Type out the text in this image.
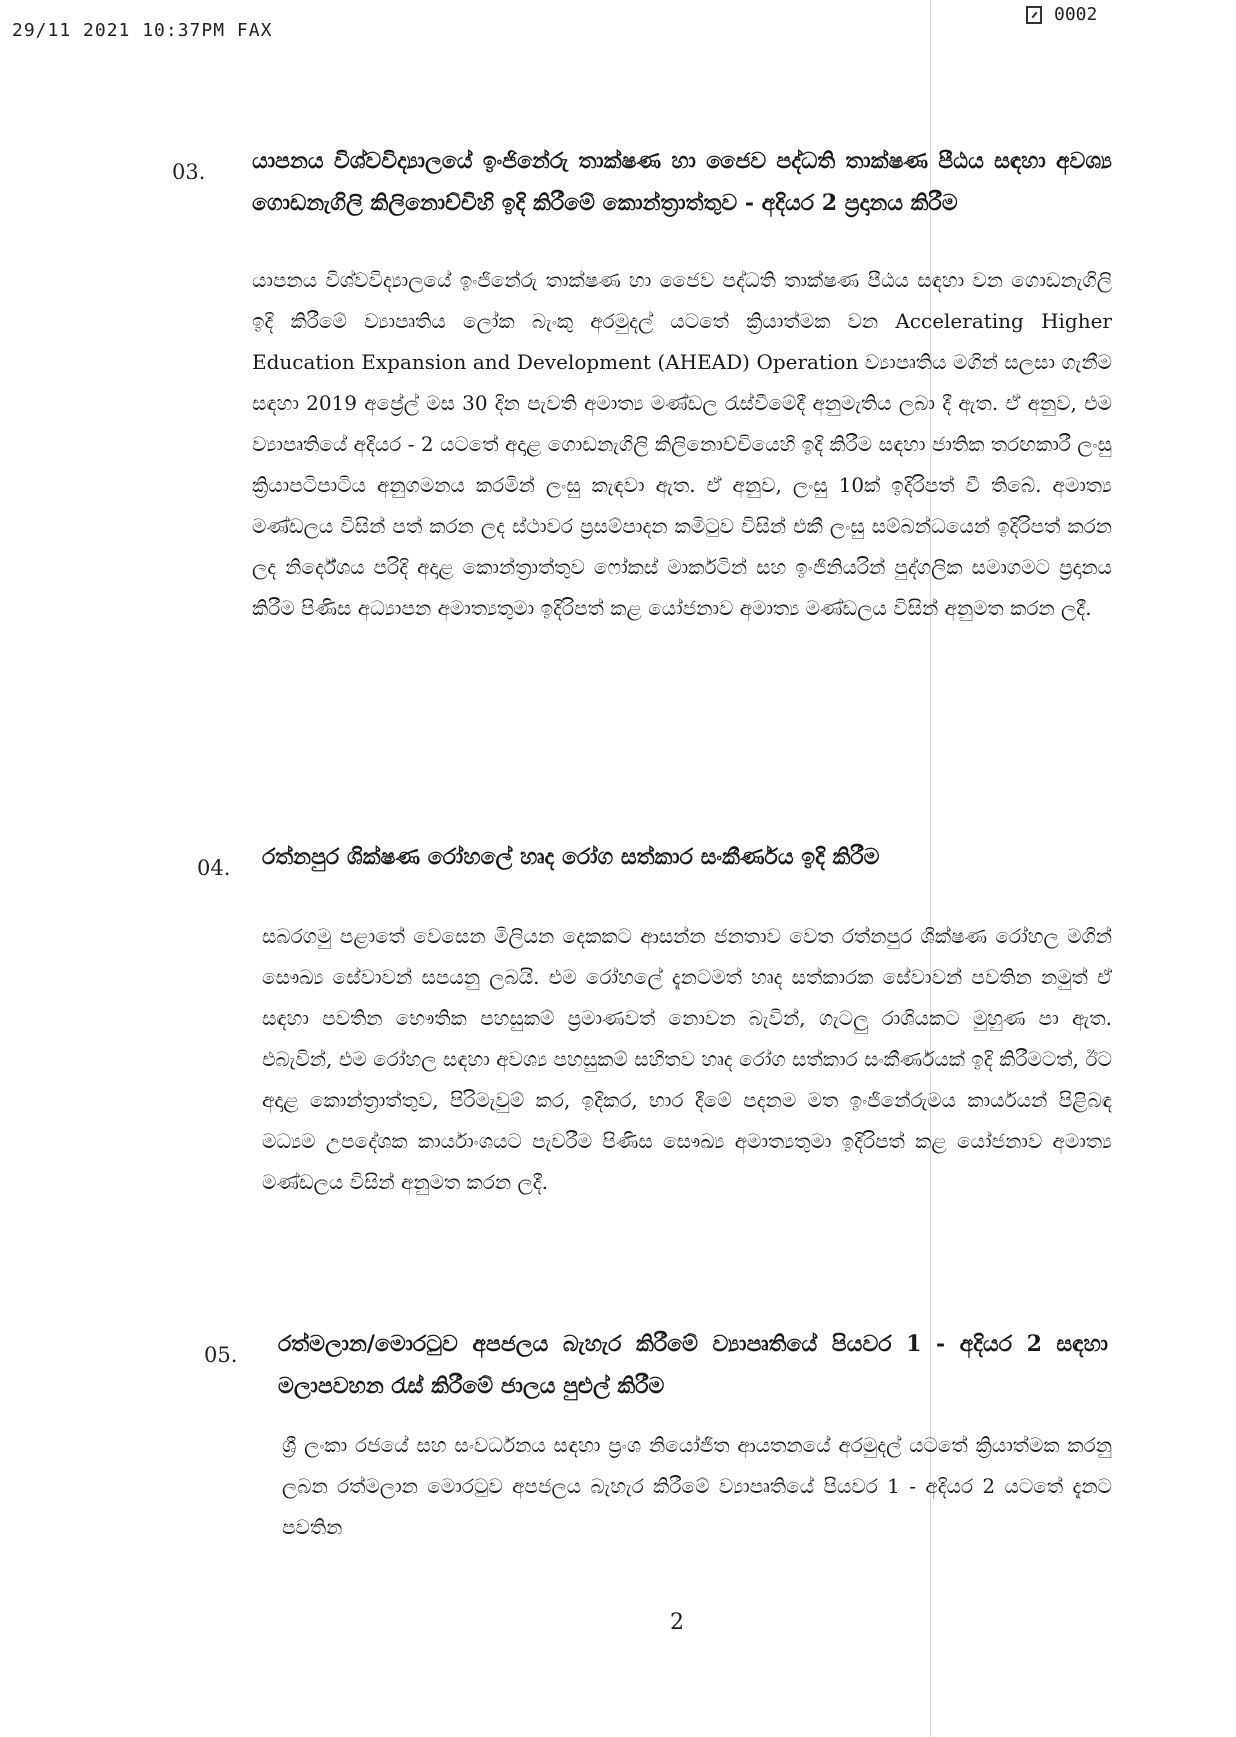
29/11 2021 10:37PM FAX
0002
03. යාපනය විශ්වවිද්‍යාලයේ ඉංජිනේරු තාක්ෂණ හා ජෛව පද්ධති තාක්ෂණ පීඨය සඳහා අවශ්‍ය ගොඩනැගිලි කිලිනොච්චිහි ඉදි කිරීමේ කොන්ත්‍රාත්තුව - අදියර 2 ප්‍රදානය කිරීම
යාපනය විශ්වවිද්‍යාලයේ ඉංජිනේරු තාක්ෂණ හා ජෛව පද්ධති තාක්ෂණ පීඨය සඳහා වන ගොඩනැගිලි ඉදි කිරීමේ ව්‍යාපෘතිය ලෝක බැංකු අරමුදල් යටතේ ක්‍රියාත්මක වන Accelerating Higher Education Expansion and Development (AHEAD) Operation ව්‍යාපෘතිය මගින් සලසා ගැනීම සඳහා 2019 අප්‍රේල් මස 30 දින පැවති අමාත්‍ය මණ්ඩල රැස්වීමේදී අනුමැතිය ලබා දී ඇත. ඒ අනුව, එම ව්‍යාපෘතියේ අදියර - 2 යටතේ අදාළ ගොඩනැගිලි කිලිනොච්චියෙහි ඉදි කිරීම සඳහා ජාතික තරඟකාරී ලංසු ක්‍රියාපටිපාටිය අනුගමනය කරමින් ලංසු කැඳවා ඇත. ඒ අනුව, ලංසු 10ක් ඉදිරිපත් වී තිබේ. අමාත්‍ය මණ්ඩලය විසින් පත් කරන ලද ස්ථාවර ප්‍රසම්පාදන කමිටුව විසින් එකී ලංසු සම්බන්ධයෙන් ඉදිරිපත් කරන ලද නිර්දේශය පරිදි අදාළ කොන්ත්‍රාත්තුව ෆෝකස් මාර්කටින් සහ ඉංජිනියරින් පුද්ගලික සමාගමට ප්‍රදානය කිරීම පිණිස අධ්‍යාපන අමාත්‍යතුමා ඉදිරිපත් කළ යෝජනාව අමාත්‍ය මණ්ඩලය විසින් අනුමත කරන ලදී.
04. රත්නපුර ශික්ෂණ රෝහලේ හෘද රෝග සත්කාර සංකීර්ණය ඉදි කිරීම
සබරගමු පළාතේ වෙසෙන මිලියන දෙකකට ආසන්න ජනතාව වෙත රත්නපුර ශික්ෂණ රෝහල මගින් සෞඛ්‍ය සේවාවන් සපයනු ලබයි. එම රෝහලේ දැනටමත් හෘද සත්කාරක සේවාවන් පවතින නමුත් ඒ සඳහා පවතින භෞතික පහසුකම් ප්‍රමාණවත් නොවන බැවින්, ගැටලු රාශියකට මුහුණ පා ඇත. එබැවින්, එම රෝහල සඳහා අවශ්‍ය පහසුකම් සහිතව හෘද රෝග සත්කාර සංකීර්ණයක් ඉදි කිරීමටත්, ඊට අදාළ කොන්ත්‍රාත්තුව, පිරිමැවුම් කර, ඉදිකර, භාර දීමේ පදනම මත ඉංජිනේරුමය කාර්යයන් පිළිබඳ මධ්‍යම උපදේශක කාර්යාංශයට පැවරීම පිණිස සෞඛ්‍ය අමාත්‍යතුමා ඉදිරිපත් කළ යෝජනාව අමාත්‍ය මණ්ඩලය විසින් අනුමත කරන ලදී.
05. රත්මලාන/මොරටුව අපජලය බැහැර කිරීමේ ව්‍යාපෘතියේ පියවර 1 - අදියර 2 සඳහා මලාපවහන රැස් කිරීමේ ජාලය පුළුල් කිරීම
ශ්‍රී ලංකා රජයේ සහ සංවර්ධනය සඳහා ප්‍රංශ නියෝජිත ආයතනයේ අරමුදල් යටතේ ක්‍රියාත්මක කරනු ලබන රත්මලාන මොරටුව අපජලය බැහැර කිරීමේ ව්‍යාපෘතියේ පියවර 1 - අදියර 2 යටතේ දැනට පවතින
2
